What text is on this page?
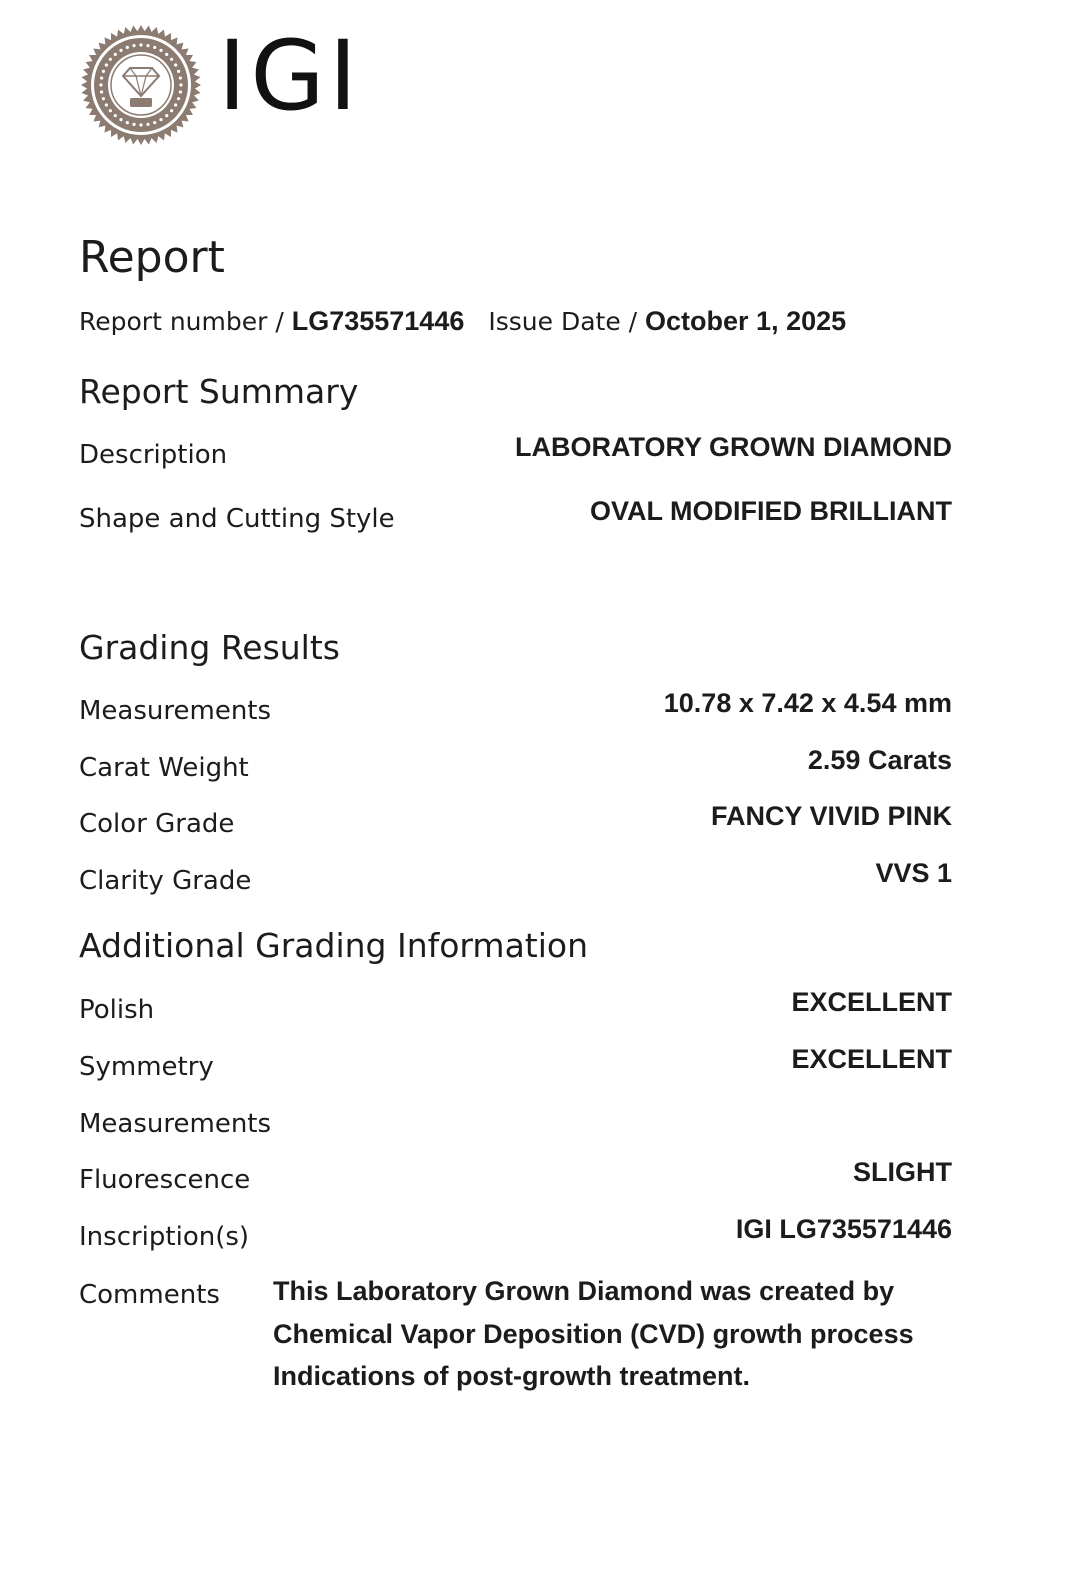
IGI
Report
Report number / LG735571446 Issue Date / October 1, 2025
Report Summary
Description	LABORATORY GROWN DIAMOND
Shape and Cutting Style	OVAL MODIFIED BRILLIANT
Grading Results
Measurements	10.78 x 7.42 x 4.54 mm
Carat Weight	2.59 Carats
Color Grade	FANCY VIVID PINK
Clarity Grade	VVS 1
Additional Grading Information
Polish	EXCELLENT
Symmetry	EXCELLENT
Measurements
Fluorescence	SLIGHT
Inscription(s)	IGI LG735571446
Comments This Laboratory Grown Diamond was created by
Chemical Vapor Deposition (CVD) growth process
Indications of post-growth treatment.
